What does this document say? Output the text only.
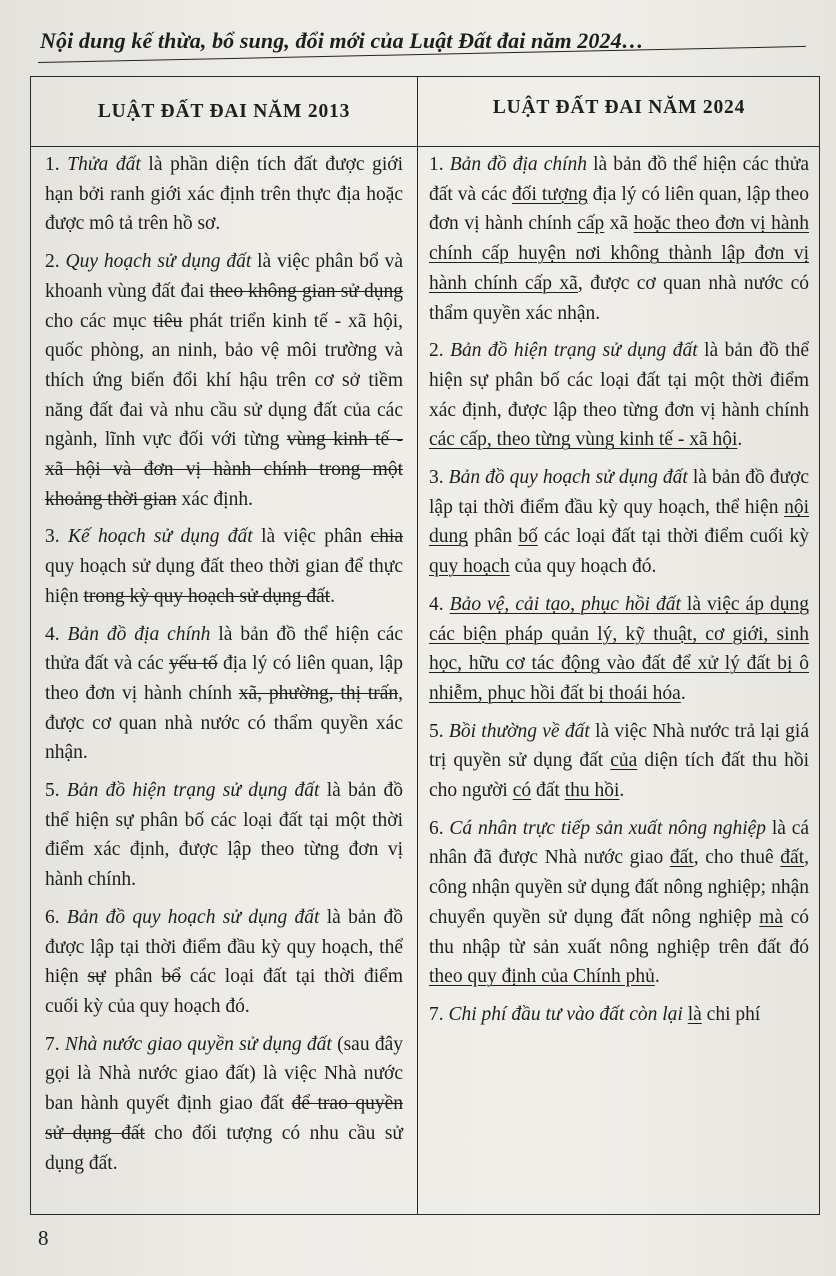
Nội dung kế thừa, bổ sung, đổi mới của Luật Đất đai năm 2024…
LUẬT ĐẤT ĐAI NĂM 2013	LUẬT ĐẤT ĐAI NĂM 2024

1. Thửa đất là phần diện tích đất được giới hạn bởi ranh giới xác định trên thực địa hoặc được mô tả trên hồ sơ.

2. Quy hoạch sử dụng đất là việc phân bổ và khoanh vùng đất đai theo không gian sử dụng cho các mục tiêu phát triển kinh tế - xã hội, quốc phòng, an ninh, bảo vệ môi trường và thích ứng biến đổi khí hậu trên cơ sở tiềm năng đất đai và nhu cầu sử dụng đất của các ngành, lĩnh vực đối với từng vùng kinh tế - xã hội và đơn vị hành chính trong một khoảng thời gian xác định.

3. Kế hoạch sử dụng đất là việc phân chia quy hoạch sử dụng đất theo thời gian để thực hiện trong kỳ quy hoạch sử dụng đất.

4. Bản đồ địa chính là bản đồ thể hiện các thửa đất và các yếu tố địa lý có liên quan, lập theo đơn vị hành chính xã, phường, thị trấn, được cơ quan nhà nước có thẩm quyền xác nhận.

5. Bản đồ hiện trạng sử dụng đất là bản đồ thể hiện sự phân bố các loại đất tại một thời điểm xác định, được lập theo từng đơn vị hành chính.

6. Bản đồ quy hoạch sử dụng đất là bản đồ được lập tại thời điểm đầu kỳ quy hoạch, thể hiện sự phân bổ các loại đất tại thời điểm cuối kỳ của quy hoạch đó.

7. Nhà nước giao quyền sử dụng đất (sau đây gọi là Nhà nước giao đất) là việc Nhà nước ban hành quyết định giao đất để trao quyền sử dụng đất cho đối tượng có nhu cầu sử dụng đất.

1. Bản đồ địa chính là bản đồ thể hiện các thửa đất và các đối tượng địa lý có liên quan, lập theo đơn vị hành chính cấp xã hoặc theo đơn vị hành chính cấp huyện nơi không thành lập đơn vị hành chính cấp xã, được cơ quan nhà nước có thẩm quyền xác nhận.

2. Bản đồ hiện trạng sử dụng đất là bản đồ thể hiện sự phân bố các loại đất tại một thời điểm xác định, được lập theo từng đơn vị hành chính các cấp, theo từng vùng kinh tế - xã hội.

3. Bản đồ quy hoạch sử dụng đất là bản đồ được lập tại thời điểm đầu kỳ quy hoạch, thể hiện nội dung phân bố các loại đất tại thời điểm cuối kỳ quy hoạch của quy hoạch đó.

4. Bảo vệ, cải tạo, phục hồi đất là việc áp dụng các biện pháp quản lý, kỹ thuật, cơ giới, sinh học, hữu cơ tác động vào đất để xử lý đất bị ô nhiễm, phục hồi đất bị thoái hóa.

5. Bồi thường về đất là việc Nhà nước trả lại giá trị quyền sử dụng đất của diện tích đất thu hồi cho người có đất thu hồi.

6. Cá nhân trực tiếp sản xuất nông nghiệp là cá nhân đã được Nhà nước giao đất, cho thuê đất, công nhận quyền sử dụng đất nông nghiệp; nhận chuyển quyền sử dụng đất nông nghiệp mà có thu nhập từ sản xuất nông nghiệp trên đất đó theo quy định của Chính phủ.

7. Chi phí đầu tư vào đất còn lại là chi phí

8
